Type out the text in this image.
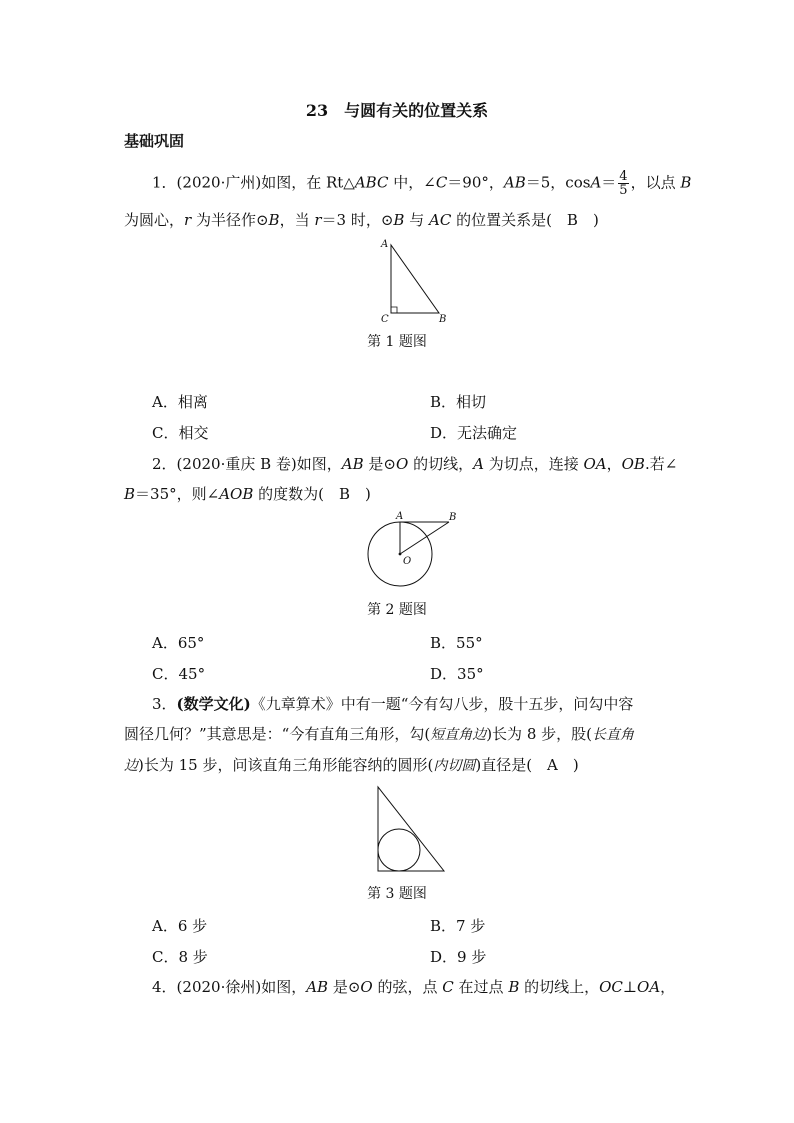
23　与圆有关的位置关系
基础巩固
1．(2020·广州)如图，在 Rt△ABC 中，∠C＝90°，AB＝5，$\cos A= \frac{4}{5}$ ，以点 B
为圆心，r 为半径作⊙B，当 r＝3 时，⊙B 与 AC 的位置关系是(　B　)
A
C	B
第 1 题图
A．相离	B．相切
C．相交	D．无法确定
2．(2020·重庆 B 卷)如图，AB 是⊙O 的切线，A 为切点，连接 OA，OB.若∠
B＝35°，则∠AOB 的度数为(　B　)
A	B
O
第 2 题图
A．65°	B．55°
C．45°	D．35°
3．(数学文化)《九章算术》中有一题“今有勾八步，股十五步，问勾中容
圆径几何？”其意思是：“今有直角三角形，勾(短直角边)长为 8 步，股(长直角
边)长为 15 步，问该直角三角形能容纳的圆形(内切圆)直径是(　A　)
第 3 题图
A．6 步	B．7 步
C．8 步	D．9 步
4．(2020·徐州)如图，AB 是⊙O 的弦，点 C 在过点 B 的切线上，OC⊥OA，
